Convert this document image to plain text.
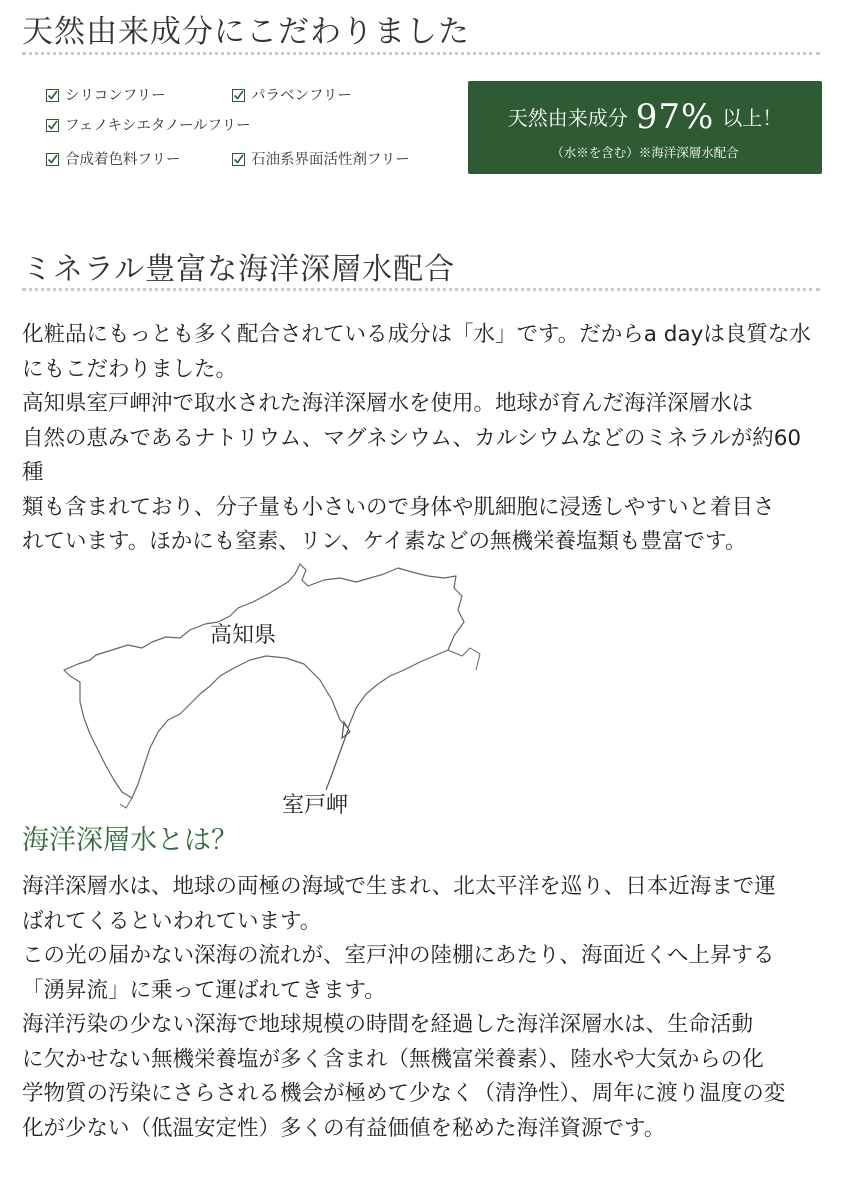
天然由来成分にこだわりました
シリコンフリー	パラベンフリー
フェノキシエタノールフリー
合成着色料フリー	石油系界面活性剤フリー
天然由来成分 97% 以上！
（水※を含む）※海洋深層水配合
ミネラル豊富な海洋深層水配合
化粧品にもっとも多く配合されている成分は「水」です。だからa dayは良質な水
にもこだわりました。
高知県室戸岬沖で取水された海洋深層水を使用。地球が育んだ海洋深層水は
自然の恵みであるナトリウム、マグネシウム、カルシウムなどのミネラルが約60種
類も含まれており、分子量も小さいので身体や肌細胞に浸透しやすいと着目さ
れています。ほかにも窒素、リン、ケイ素などの無機栄養塩類も豊富です。
高知県
室戸岬
海洋深層水とは？
海洋深層水は、地球の両極の海域で生まれ、北太平洋を巡り、日本近海まで運
ばれてくるといわれています。
この光の届かない深海の流れが、室戸沖の陸棚にあたり、海面近くへ上昇する
「湧昇流」に乗って運ばれてきます。
海洋汚染の少ない深海で地球規模の時間を経過した海洋深層水は、生命活動
に欠かせない無機栄養塩が多く含まれ（無機富栄養素）、陸水や大気からの化
学物質の汚染にさらされる機会が極めて少なく（清浄性）、周年に渡り温度の変
化が少ない（低温安定性）多くの有益価値を秘めた海洋資源です。
